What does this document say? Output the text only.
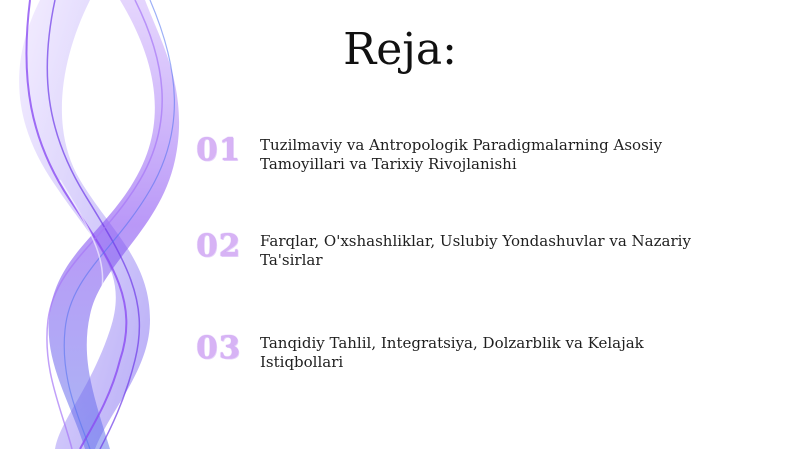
Reja:
01 Tuzilmaviy va Antropologik Paradigmalarning Asosiy Tamoyillari va Tarixiy Rivojlanishi
02 Farqlar, O'xshashliklar, Uslubiy Yondashuvlar va Nazariy Ta'sirlar
03 Tanqidiy Tahlil, Integratsiya, Dolzarblik va Kelajak Istiqbollari
